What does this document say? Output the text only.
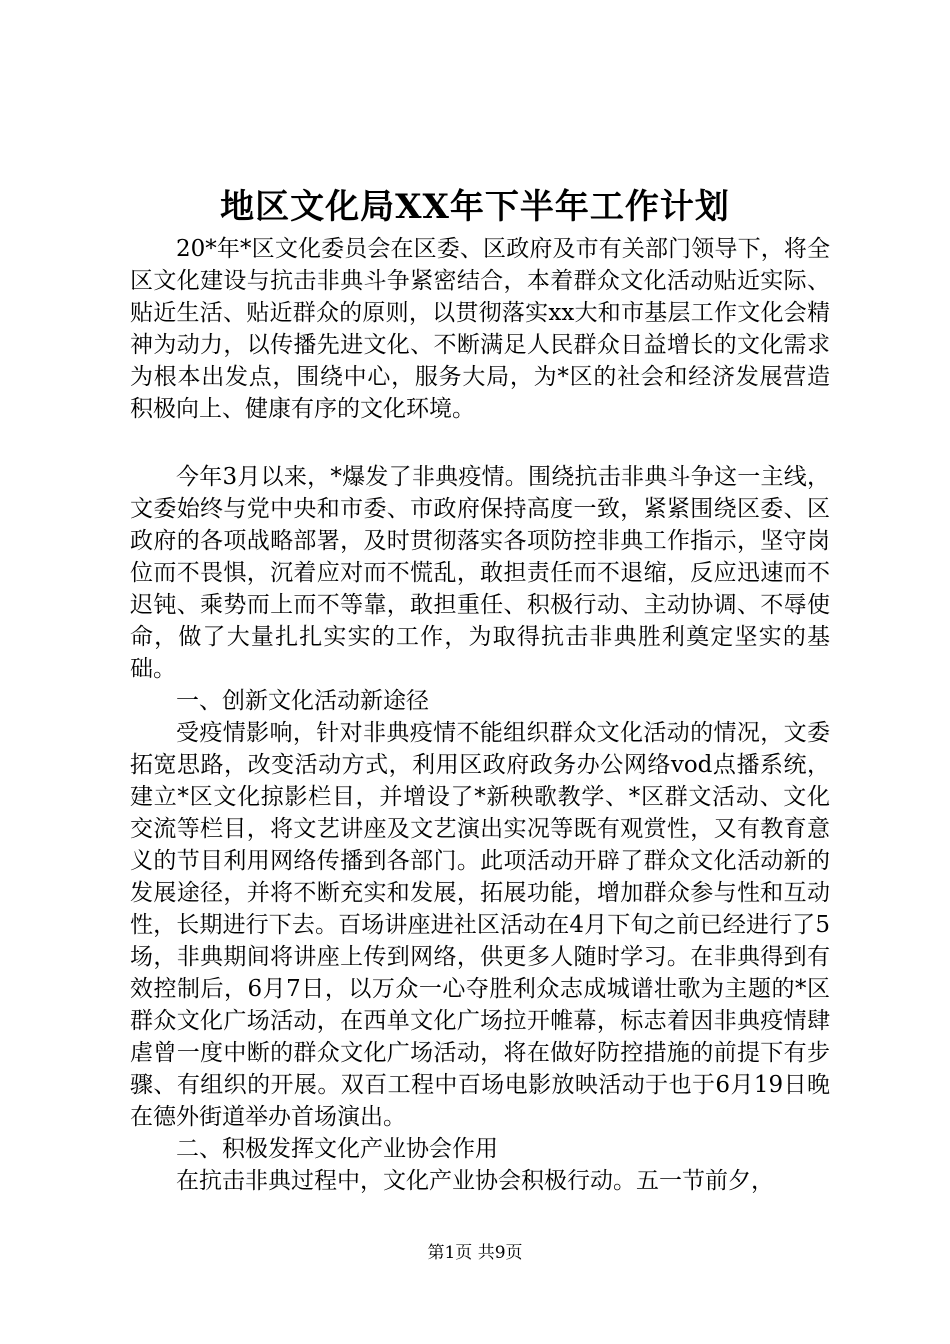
地区文化局XX年下半年工作计划

20*年*区文化委员会在区委、区政府及市有关部门领导下，将全区文化建设与抗击非典斗争紧密结合，本着群众文化活动贴近实际、贴近生活、贴近群众的原则，以贯彻落实xx大和市基层工作文化会精神为动力，以传播先进文化、不断满足人民群众日益增长的文化需求为根本出发点，围绕中心，服务大局，为*区的社会和经济发展营造积极向上、健康有序的文化环境。

今年3月以来，*爆发了非典疫情。围绕抗击非典斗争这一主线，文委始终与党中央和市委、市政府保持高度一致，紧紧围绕区委、区政府的各项战略部署，及时贯彻落实各项防控非典工作指示，坚守岗位而不畏惧，沉着应对而不慌乱，敢担责任而不退缩，反应迅速而不迟钝、乘势而上而不等靠，敢担重任、积极行动、主动协调、不辱使命，做了大量扎扎实实的工作，为取得抗击非典胜利奠定坚实的基础。

一、创新文化活动新途径

受疫情影响，针对非典疫情不能组织群众文化活动的情况，文委拓宽思路，改变活动方式，利用区政府政务办公网络vod点播系统，建立*区文化掠影栏目，并增设了*新秧歌教学、*区群文活动、文化交流等栏目，将文艺讲座及文艺演出实况等既有观赏性，又有教育意义的节目利用网络传播到各部门。此项活动开辟了群众文化活动新的发展途径，并将不断充实和发展，拓展功能，增加群众参与性和互动性，长期进行下去。百场讲座进社区活动在4月下旬之前已经进行了5场，非典期间将讲座上传到网络，供更多人随时学习。在非典得到有效控制后，6月7日，以万众一心夺胜利众志成城谱壮歌为主题的*区群众文化广场活动，在西单文化广场拉开帷幕，标志着因非典疫情肆虐曾一度中断的群众文化广场活动，将在做好防控措施的前提下有步骤、有组织的开展。双百工程中百场电影放映活动于也于6月19日晚在德外街道举办首场演出。

二、积极发挥文化产业协会作用

在抗击非典过程中，文化产业协会积极行动。五一节前夕，

第1页 共9页
